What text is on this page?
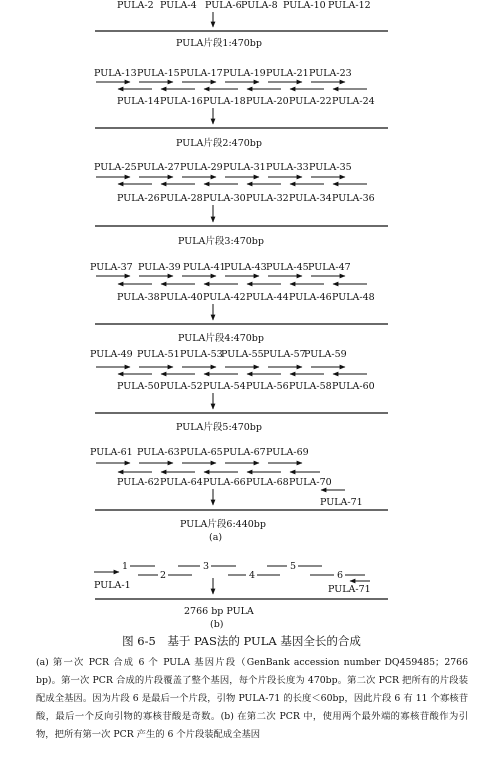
PULA-2 PULA-4 PULA-6 PULA-8 PULA-10 PULA-12
PULA片段1:470bp
PULA-13 PULA-15 PULA-17 PULA-19 PULA-21 PULA-23
PULA-14 PULA-16 PULA-18 PULA-20 PULA-22 PULA-24
PULA片段2:470bp
PULA-25 PULA-27 PULA-29 PULA-31 PULA-33 PULA-35
PULA-26 PULA-28 PULA-30 PULA-32 PULA-34 PULA-36
PULA片段3:470bp
PULA-37 PULA-39 PULA-41
PULA-43 PULA-45 PULA-47
PULA-38 PULA-40 PULA-42 PULA-44 PULA-46 PULA-48
PULA片段4:470bp
PULA-49 PULA-51 PULA-53
PULA-55 PULA-57
PULA-59
PULA-50 PULA-52 PULA-54 PULA-56 PULA-58 PULA-60
PULA片段5:470bp
PULA-61 PULA-63 PULA-65 PULA-67 PULA-69
PULA-62 PULA-64 PULA-66 PULA-68 PULA-70
PULA-71
PULA片段6:440bp
(a)
1
2
3
4
5
6
PULA-1	PULA-71
2766 bp PULA
(b)
图 6-5　基于 PAS法的 PULA 基因全长的合成
(a) 第一次 PCR 合成 6 个 PULA 基因片段（GenBank accession number DQ459485；2766 bp)。第一次 PCR 合成的片段覆盖了整个基因，每个片段长度为 470bp。第二次 PCR 把所有的片段装配成全基因。因为片段 6 是最后一个片段，引物 PULA-71 的长度＜60bp，因此片段 6 有 11 个寡核苷酸，最后一个反向引物的寡核苷酸是奇数。(b) 在第二次 PCR 中，使用两个最外端的寡核苷酸作为引物，把所有第一次 PCR 产生的 6 个片段装配成全基因
